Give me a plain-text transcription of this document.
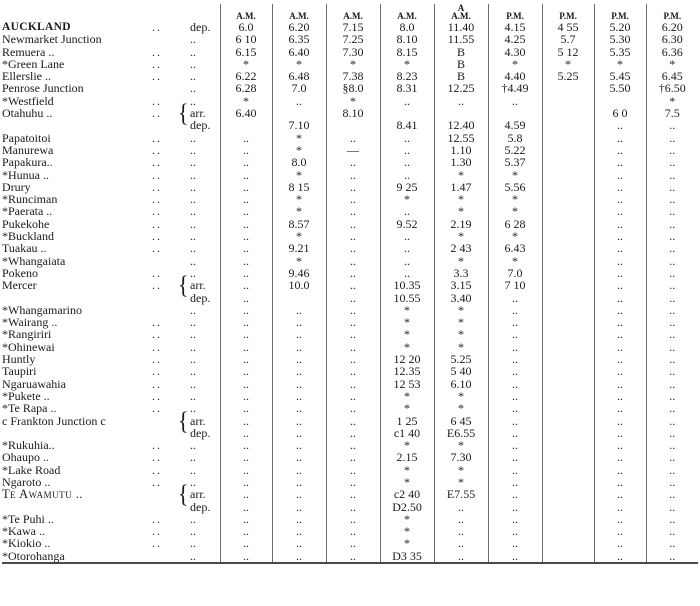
							A				
			A.M.	A.M.	A.M.	A.M.	A.M.	P.M.	P.M.	P.M.	P.M.
AUCKLAND	..	dep.	6.0	6.20	7.15	8.0	11.40	4.15	4 55	5.20	6.20
Newmarket Junction		..	6 10	6.35	7.25	8.10	11.55	4.25	5.7	5.30	6.30
Remuera ..	..	..	6.15	6.40	7.30	8.15	B	4.30	5 12	5.35	6.36
*Green Lane	..	..	*	*	*	*	B	*	*	*	*
Ellerslie ..	..	..	6.22	6.48	7.38	8.23	B	4.40	5.25	5.45	6.45
Penrose Junction		..	6.28	7.0	§8.0	8.31	12.25	†4.49		5.50	†6.50
*Westfield	..	..	*	..	*	..	..	..			*
Otahuhu ..	..	{ arr.	6.40		8.10					6 0	7.5

dep.		7.10		8.41	12.40	4.59		..	..
Papatoitoi	..	..	..	*	..	..	12.55	5.8		..	..
Manurewa	..	..	..	*	—	..	1.10	5.22		..	..
Papakura..	..	..	..	8.0	..	..	1.30	5.37		..	..
*Hunua ..	..	..	..	*	..	..	*	*		..	..
Drury	..	..	..	8 15	..	9 25	1.47	5.56		..	..
*Runciman	..	..	..	*	..	*	*	*		..	..
*Paerata ..	..	..	..	*	..	..	*	*		..	..
Pukekohe	..	..	..	8.57	..	9.52	2.19	6 28		..	..
*Buckland	..	..	..	*	..	..	*	*		..	..
Tuakau ..	..	..	..	9.21	..	..	2 43	6.43		..	..
*Whangaiata		..	..	*	..	..	*	*		..	..
Pokeno	..	..	..	9.46	..	..	3.3	7.0		..	..
Mercer	..	{ arr.	..	10.0	..	10.35	3.15	7 10		..	..

dep.	..		..	10.55	3.40	..		..	..
*Whangamarino		..	..	..	..	*	*	..		..	..
*Wairang ..	..	..	..	..	..	*	*	..		..	..
*Rangiriri	..	..	..	..	..	*	*	..		..	..
*Ohinewai	..	..	..	..	..	*	*	..		..	..
Huntly	..	..	..	..	..	12 20	5.25	..		..	..
Taupiri	..	..	..	..	..	12.35	5 40	..		..	..
Ngaruawahia	..	..	..	..	..	12 53	6.10	..		..	..
*Pukete ..	..	..	..	..	..	*	*	..		..	..
*Te Rapa ..	..	..	..	..	..	*	*	..		..	..
c Frankton Junction c		{ arr.	..	..	..	1 25	6 45	..		..	..

dep.	..	..	..	c1 40	E6.55	..		..	..
*Rukuhia..	..	..	..	..	..	*	*	..		..	..
Ohaupo ..	..	..	..	..	..	2.15	7.30	..		..	..
*Lake Road	..	..	..	..	..	*	*	..		..	..
Ngaroto ..	..	..	..	..	..	*	*	..		..	..
Te Awamutu ..		{ arr.	..	..	..	c2 40	E7.55	..		..	..

dep.	..	..	..	D2.50	..	..		..	..
*Te Puhi ..	..	..	..	..	..	*	..	..		..	..
*Kawa ..	..	..	..	..	..	*	..	..		..	..
*Kiokio ..	..	..	..	..	..	*	..	..		..	..
*Otorohanga		..	..	..	..	D3 35	..	..		..	..
